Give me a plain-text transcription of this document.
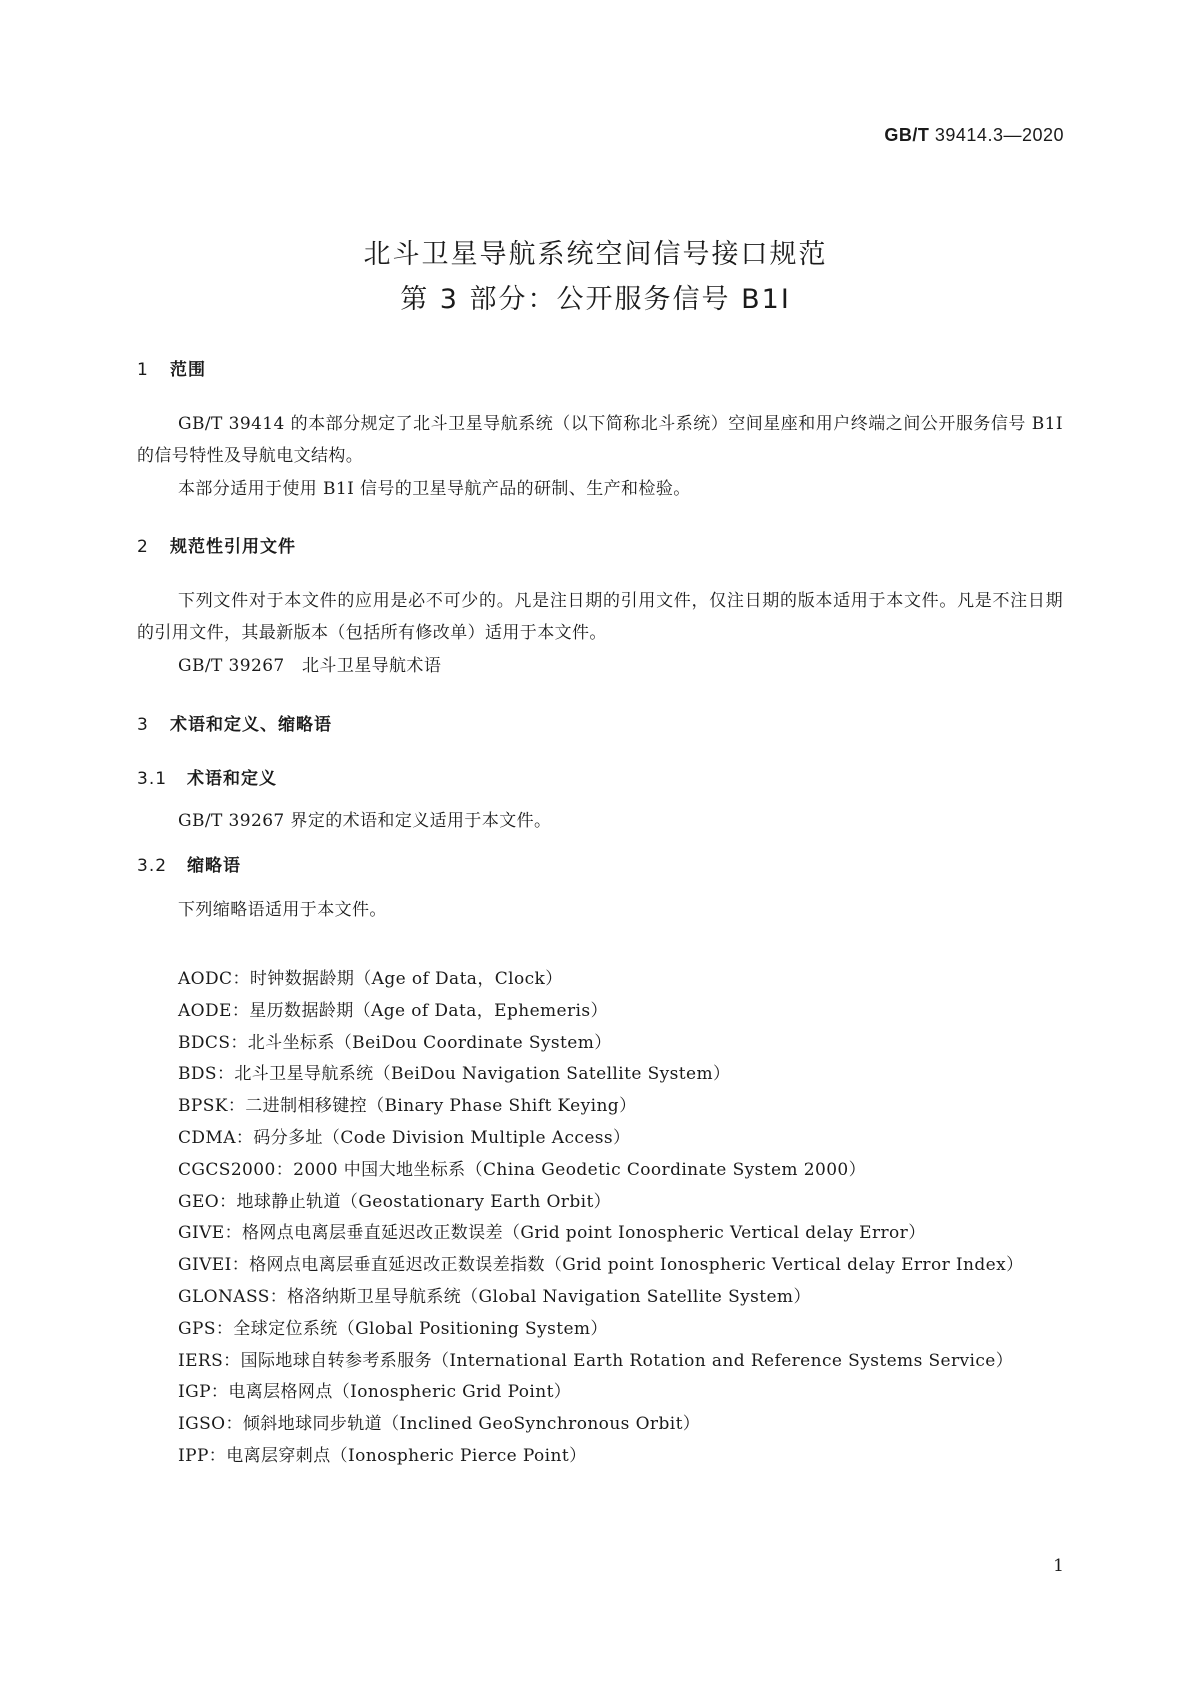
GB/T 39414.3—2020
北斗卫星导航系统空间信号接口规范
第 3 部分：公开服务信号 B1I
1 范围
GB/T 39414 的本部分规定了北斗卫星导航系统（以下简称北斗系统）空间星座和用户终端之间公开服务信号 B1I 的信号特性及导航电文结构。
本部分适用于使用 B1I 信号的卫星导航产品的研制、生产和检验。
2 规范性引用文件
下列文件对于本文件的应用是必不可少的。凡是注日期的引用文件，仅注日期的版本适用于本文件。凡是不注日期的引用文件，其最新版本（包括所有修改单）适用于本文件。
GB/T 39267　北斗卫星导航术语
3 术语和定义、缩略语
3.1 术语和定义
GB/T 39267 界定的术语和定义适用于本文件。
3.2 缩略语
下列缩略语适用于本文件。
AODC：时钟数据龄期（Age of Data，Clock）
AODE：星历数据龄期（Age of Data，Ephemeris）
BDCS：北斗坐标系（BeiDou Coordinate System）
BDS：北斗卫星导航系统（BeiDou Navigation Satellite System）
BPSK：二进制相移键控（Binary Phase Shift Keying）
CDMA：码分多址（Code Division Multiple Access）
CGCS2000：2000 中国大地坐标系（China Geodetic Coordinate System 2000）
GEO：地球静止轨道（Geostationary Earth Orbit）
GIVE：格网点电离层垂直延迟改正数误差（Grid point Ionospheric Vertical delay Error）
GIVEI：格网点电离层垂直延迟改正数误差指数（Grid point Ionospheric Vertical delay Error Index）
GLONASS：格洛纳斯卫星导航系统（Global Navigation Satellite System）
GPS：全球定位系统（Global Positioning System）
IERS：国际地球自转参考系服务（International Earth Rotation and Reference Systems Service）
IGP：电离层格网点（Ionospheric Grid Point）
IGSO：倾斜地球同步轨道（Inclined GeoSynchronous Orbit）
IPP：电离层穿刺点（Ionospheric Pierce Point）
1
